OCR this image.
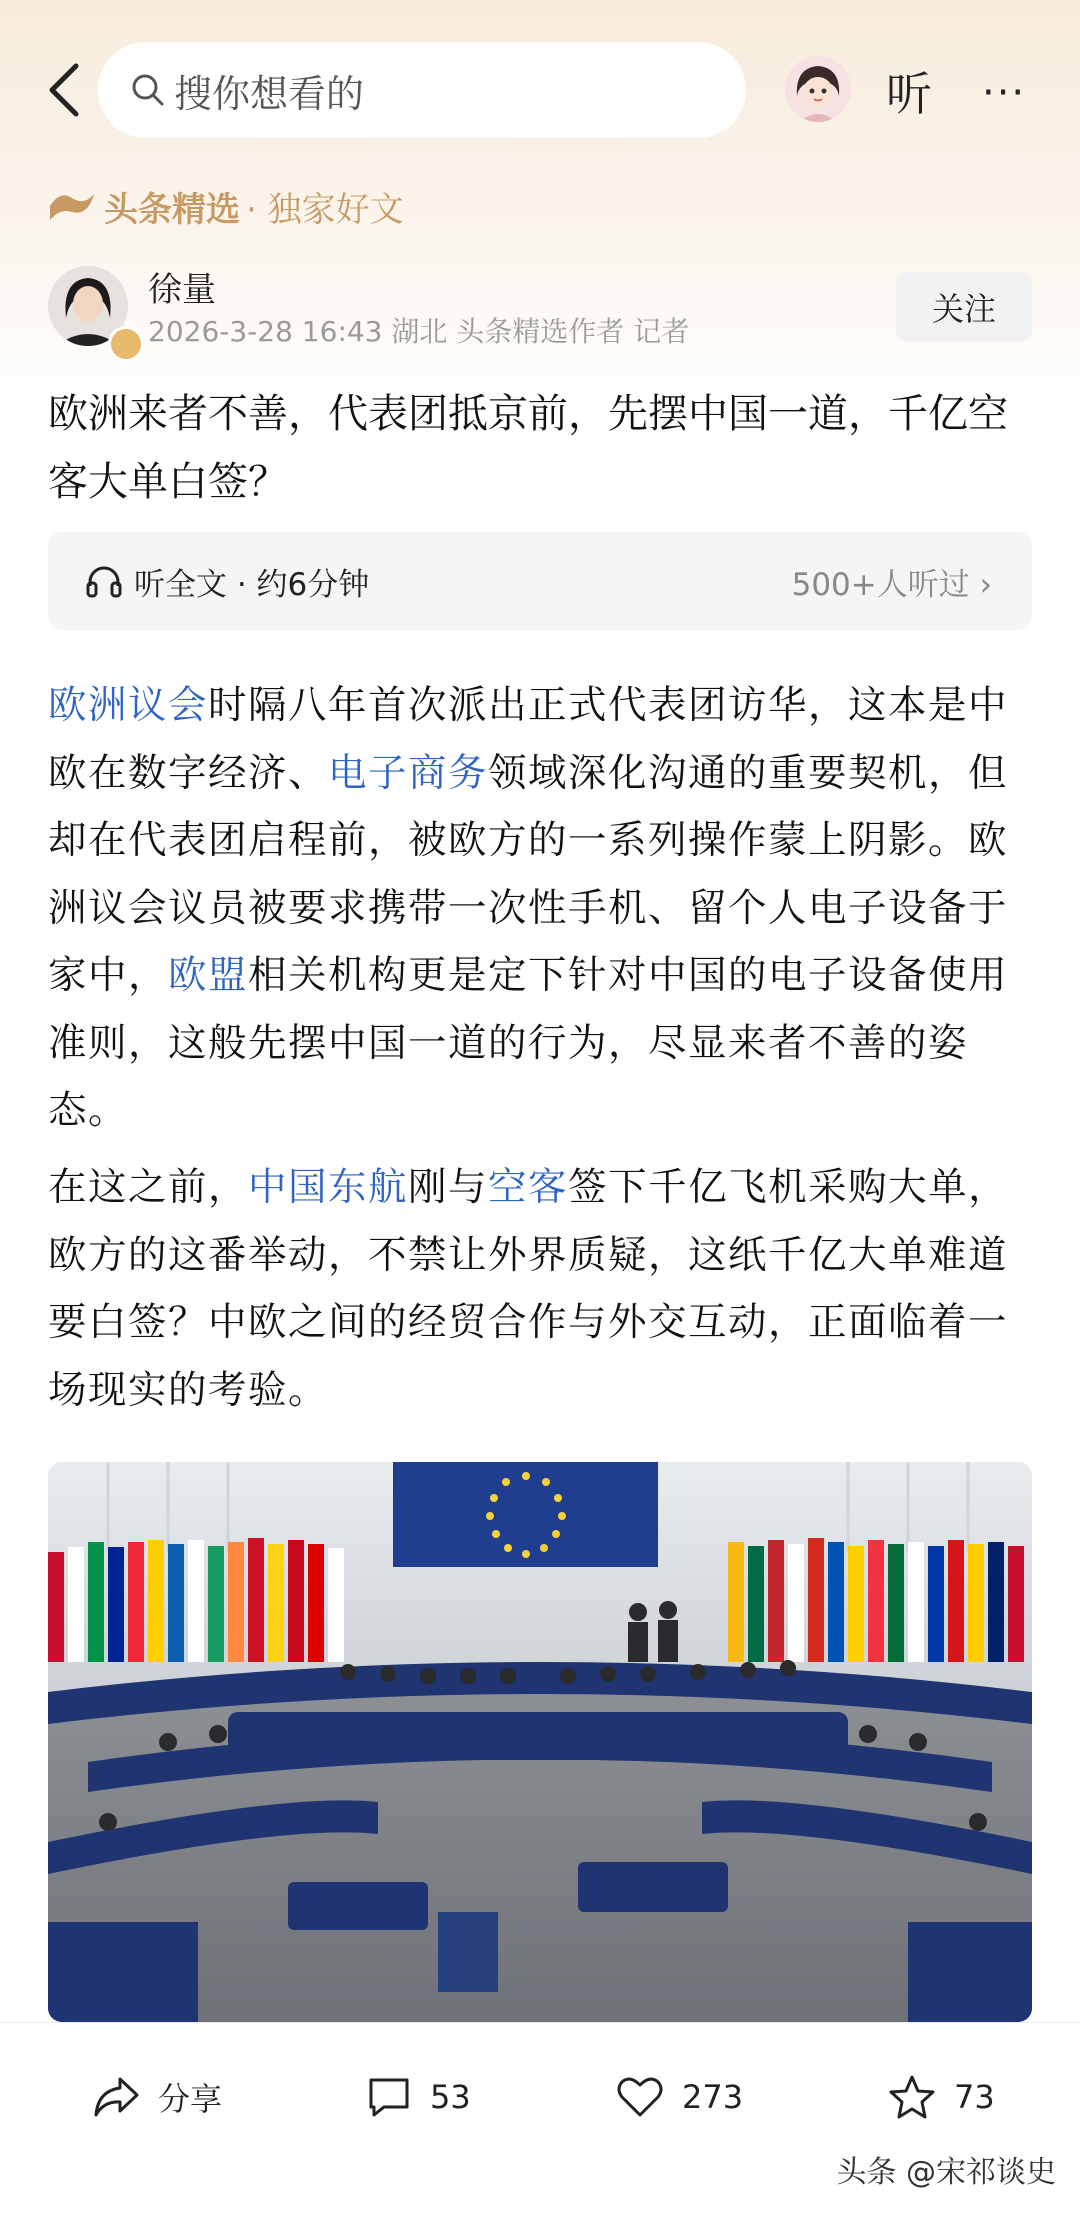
搜你想看的	听 ···
头条精选 · 独家好文
徐量
2026-3-28 16:43 湖北 头条精选作者 记者
关注
欧洲来者不善，代表团抵京前，先摆中国一道，千亿空客大单白签？
听全文 · 约6分钟	500+人听过 ›
欧洲议会时隔八年首次派出正式代表团访华，这本是中欧在数字经济、电子商务领域深化沟通的重要契机，但却在代表团启程前，被欧方的一系列操作蒙上阴影。欧洲议会议员被要求携带一次性手机、留个人电子设备于家中，欧盟相关机构更是定下针对中国的电子设备使用准则，这般先摆中国一道的行为，尽显来者不善的姿态。
在这之前，中国东航刚与空客签下千亿飞机采购大单，欧方的这番举动，不禁让外界质疑，这纸千亿大单难道要白签？中欧之间的经贸合作与外交互动，正面临着一场现实的考验。
分享	53	273	73
头条 @宋祁谈史
